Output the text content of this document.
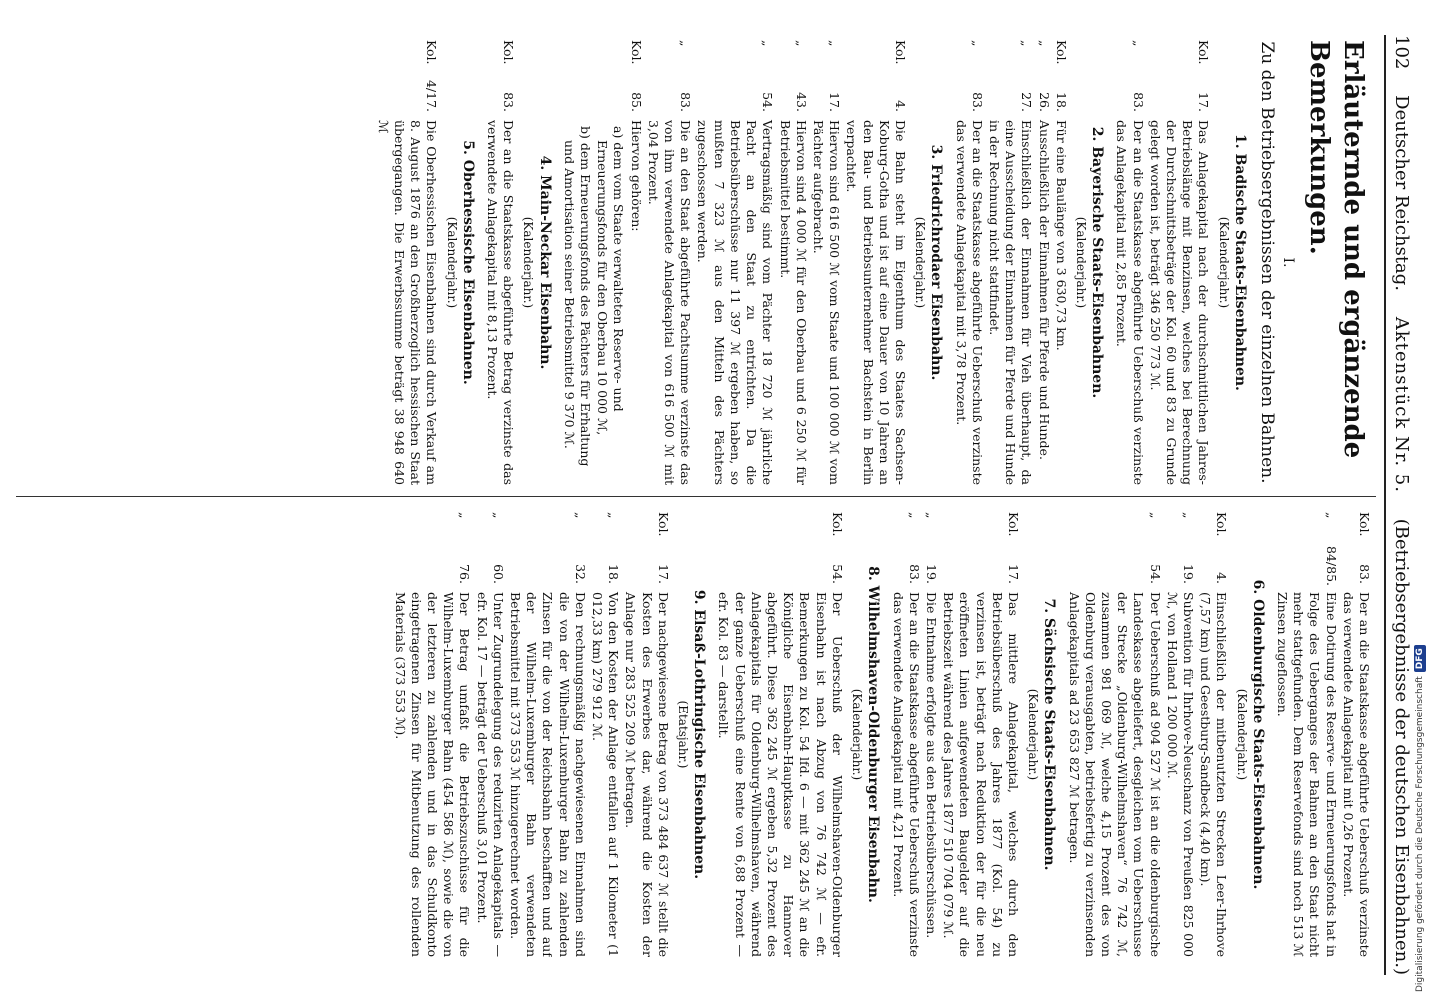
102
Deutscher Reichstag.
Aktenstück Nr. 5.
(Betriebsergebnisse der deutschen Eisenbahnen.)
Erläuternde und ergänzende Bemerkungen.
I.
Zu den Betriebsergebnissen der einzelnen Bahnen.
1. Badische Staats-Eisenbahnen.
(Kalenderjahr.)
Kol.
17.
Das Anlagekapital nach der durchschnittlichen Jahres-Betriebslänge mit Benzinsen, welches bei Berechnung der Durchschnittsbeträge der Kol. 60 und 83 zu Grunde gelegt worden ist, beträgt 346 250 773 ℳ.
„
83.
Der an die Staatskasse abgeführte Ueberschuß verzinste das Anlagekapital mit 2,85 Prozent.
2. Bayerische Staats-Eisenbahnen.
(Kalenderjahr.)
Kol.
18.
Für eine Baulänge von 3 630,73 km.
„
26.
Ausschließlich der Einnahmen für Pferde und Hunde.
„
27.
Einschließlich der Einnahmen für Vieh überhaupt, da eine Ausscheidung der Einnahmen für Pferde und Hunde in der Rechnung nicht stattfindet.
„
83.
Der an die Staatskasse abgeführte Ueberschuß verzinste das verwendete Anlagekapital mit 3,78 Prozent.
3. Friedrichrodaer Eisenbahn.
(Kalenderjahr.)
Kol.
4.
Die Bahn steht im Eigenthum des Staates Sachsen-Koburg-Gotha und ist auf eine Dauer von 10 Jahren an den Bau- und Betriebsunternehmer Bachstein in Berlin verpachtet.
„
17.
Hiervon sind 616 500 ℳ vom Staate und 100 000 ℳ vom Pächter aufgebracht.
„
43.
Hiervon sind 4 000 ℳ für den Oberbau und 6 250 ℳ für Betriebsmittel bestimmt.
„
54.
Vertragsmäßig sind vom Pächter 18 720 ℳ jährliche Pacht an den Staat zu entrichten. Da die Betriebsüberschüsse nur 11 397 ℳ ergeben haben, so mußten 7 323 ℳ aus den Mitteln des Pächters zugeschossen werden.
„
83.
Die an den Staat abgeführte Pachtsumme verzinste das von ihm verwendete Anlagekapital von 616 500 ℳ mit 3,04 Prozent.
Kol.
85.
Hiervon gehören:
a) dem vom Staate verwalteten Reserve- und Erneuerungsfonds für den Oberbau 10 000 ℳ,
b) dem Erneuerungsfonds des Pächters für Erhaltung und Amortisation seiner Betriebsmittel 9 370 ℳ.
4. Main-Neckar Eisenbahn.
(Kalenderjahr.)
Kol.
83.
Der an die Staatskasse abgeführte Betrag verzinste das verwendete Anlagekapital mit 8,13 Prozent.
5. Oberhessische Eisenbahnen.
(Kalenderjahr.)
Kol.
4/17.
Die Oberhessischen Eisenbahnen sind durch Verkauf am 8. August 1876 an den Großherzoglich hessischen Staat übergegangen. Die Erwerbssumme beträgt 38 948 640 ℳ
Kol.
83.
Der an die Staatskasse abgeführte Ueberschuß verzinste das verwendete Anlagekapital mit 0,26 Prozent.
„
84/85.
Eine Dotirung des Reserve- und Erneuerungsfonds hat in Folge des Ueberganges der Bahnen an den Staat nicht mehr stattgefunden. Dem Reservefonds sind noch 513 ℳ Zinsen zugeflossen.
6. Oldenburgische Staats-Eisenbahnen.
(Kalenderjahr.)
Kol.
4.
Einschließlich der mitbenutzten Strecken Leer-Ihrhove (7,57 km) und Geestburg-Sandbeck (4,40 km).
„
19.
Subvention für Ihrhove-Neuschanz von Preußen 825 000 ℳ, von Holland 1 200 000 ℳ.
„
54.
Der Ueberschuß ad 904 527 ℳ ist an die oldenburgische Landeskasse abgeliefert, desgleichen vom Ueberschusse der Strecke „Oldenburg-Wilhelmshaven“ 76 742 ℳ, zusammen 981 069 ℳ, welche 4,15 Prozent des von Oldenburg verausgabten, betriebsfertig zu verzinsenden Anlagekapitals ad 23 653 827 ℳ betragen.
7. Sächsische Staats-Eisenbahnen.
(Kalenderjahr.)
Kol.
17.
Das mittlere Anlagekapital, welches durch den Betriebsüberschuß des Jahres 1877 (Kol. 54) zu verzinsen ist, beträgt nach Reduktion der für die neu eröffneten Linien aufgewendeten Baugelder auf die Betriebszeit während des Jahres 1877 510 704 079 ℳ.
„
19.
Die Entnahme erfolgte aus den Betriebsüberschüssen.
„
83.
Der an die Staatskasse abgeführte Ueberschuß verzinste das verwendete Anlagekapital mit 4,21 Prozent.
8. Wilhelmshaven-Oldenburger Eisenbahn.
(Kalenderjahr.)
Kol.
54.
Der Ueberschuß der Wilhelmshaven-Oldenburger Eisenbahn ist nach Abzug von 76 742 ℳ — efr. Bemerkungen zu Kol. 54 lfd. 6 — mit 362 245 ℳ an die Königliche Eisenbahn-Hauptkasse zu Hannover abgeführt. Diese 362 245 ℳ ergeben 5,32 Prozent des Anlagekapitals für Oldenburg-Wilhelmshaven, während der ganze Ueberschuß eine Rente von 6,88 Prozent — efr. Kol. 83 — darstellt.
9. Elsaß-Lothringische Eisenbahnen.
(Etatsjahr.)
Kol.
17.
Der nachgewiesene Betrag von 373 484 637 ℳ stellt die Kosten des Erwerbes dar, während die Kosten der Anlage nur 283 525 209 ℳ betragen.
„
18.
Von den Kosten der Anlage entfallen auf 1 Kilometer (1 012,33 km) 279 912 ℳ.
„
32.
Den rechnungsmäßig nachgewiesenen Einnahmen sind die von der Wilhelm-Luxemburger Bahn zu zahlenden Zinsen für die von der Reichsbahn beschafften und auf der Wilhelm-Luxemburger Bahn verwendeten Betriebsmittel mit 373 553 ℳ hinzugerechnet worden.
„
60.
Unter Zugrundelegung des reduzirten Anlagekapitals — efr. Kol. 17 — beträgt der Ueberschuß 3,01 Prozent.
„
76.
Der Betrag umfaßt die Betriebszuschüsse für die Wilhelm-Luxemburger Bahn (454 586 ℳ), sowie die von der letzteren zu zahlenden und in das Schuldkonto eingetragenen Zinsen für Mitbenutzung des rollenden Materials (373 553 ℳ).
Digitalisierung gefördert durch die Deutsche ForschungsgemeinschaftDFG
